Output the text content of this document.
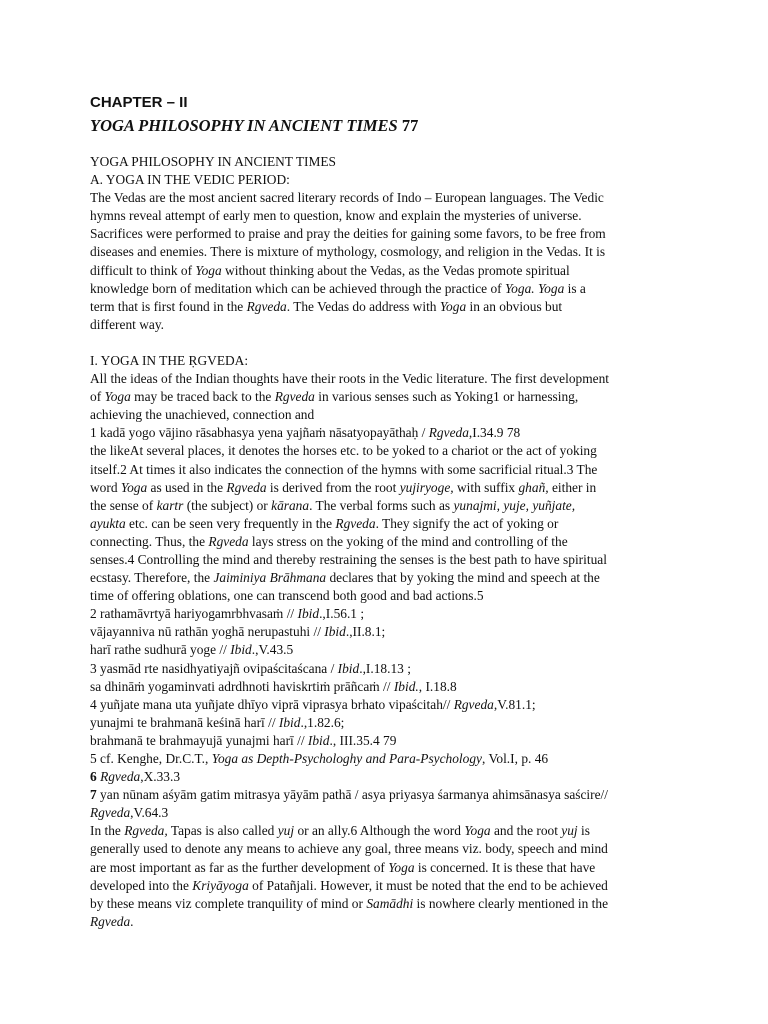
CHAPTER – II
YOGA PHILOSOPHY IN ANCIENT TIMES 77
YOGA PHILOSOPHY IN ANCIENT TIMES
A. YOGA IN THE VEDIC PERIOD:

The Vedas are the most ancient sacred literary records of Indo – European languages. The Vedic
hymns reveal attempt of early men to question, know and explain the mysteries of universe.
Sacrifices were performed to praise and pray the deities for gaining some favors, to be free from
diseases and enemies. There is mixture of mythology, cosmology, and religion in the Vedas. It is
difficult to think of Yoga without thinking about the Vedas, as the Vedas promote spiritual
knowledge born of meditation which can be achieved through the practice of Yoga. Yoga is a
term that is first found in the Rgveda. The Vedas do address with Yoga in an obvious but
different way.

I. YOGA IN THE ṚGVEDA:

All the ideas of the Indian thoughts have their roots in the Vedic literature. The first development
of Yoga may be traced back to the Rgveda in various senses such as Yoking1 or harnessing,
achieving the unachieved, connection and

1 kadā yogo vājino rāsabhasya yena yajñaṁ nāsatyopayāthaḥ / Rgveda,I.34.9 78

the likeAt several places, it denotes the horses etc. to be yoked to a chariot or the act of yoking
itself.2 At times it also indicates the connection of the hymns with some sacrificial ritual.3 The
word Yoga as used in the Rgveda is derived from the root yujiryoge, with suffix ghañ, either in
the sense of kartr (the subject) or kārana. The verbal forms such as yunajmi, yuje, yuñjate,
ayukta etc. can be seen very frequently in the Rgveda. They signify the act of yoking or
connecting. Thus, the Rgveda lays stress on the yoking of the mind and controlling of the
senses.4 Controlling the mind and thereby restraining the senses is the best path to have spiritual
ecstasy. Therefore, the Jaiminiya Brāhmana declares that by yoking the mind and speech at the
time of offering oblations, one can transcend both good and bad actions.5

2 rathamāvrtyā hariyogamrbhvasaṁ // Ibid.,I.56.1 ;
vājayanniva nū rathān yoghā nerupastuhi // Ibid.,II.8.1;
harī rathe sudhurā yoge // Ibid.,V.43.5
3 yasmād rte nasidhyatiyajñ ovipaścitaścana / Ibid.,I.18.13 ;
sa dhināṁ yogaminvati adrdhnoti haviskrtiṁ prāñcaṁ // Ibid., I.18.8
4 yuñjate mana uta yuñjate dhīyo viprā viprasya brhato vipaścitah// Rgveda,V.81.1;
yunajmi te brahmanā keśinā harī // Ibid.,1.82.6;
brahmanā te brahmayujā yunajmi harī // Ibid., III.35.4 79
5 cf. Kenghe, Dr.C.T., Yoga as Depth-Psychologhy and Para-Psychology, Vol.I, p. 46
6 Rgveda,X.33.3
7 yan nūnam aśyām gatim mitrasya yāyām pathā / asya priyasya śarmanya ahimsānasya saścire//
Rgveda,V.64.3

In the Rgveda, Tapas is also called yuj or an ally.6 Although the word Yoga and the root yuj is
generally used to denote any means to achieve any goal, three means viz. body, speech and mind
are most important as far as the further development of Yoga is concerned. It is these that have
developed into the Kriyāyoga of Patañjali. However, it must be noted that the end to be achieved
by these means viz complete tranquility of mind or Samādhi is nowhere clearly mentioned in the
Rgveda.
